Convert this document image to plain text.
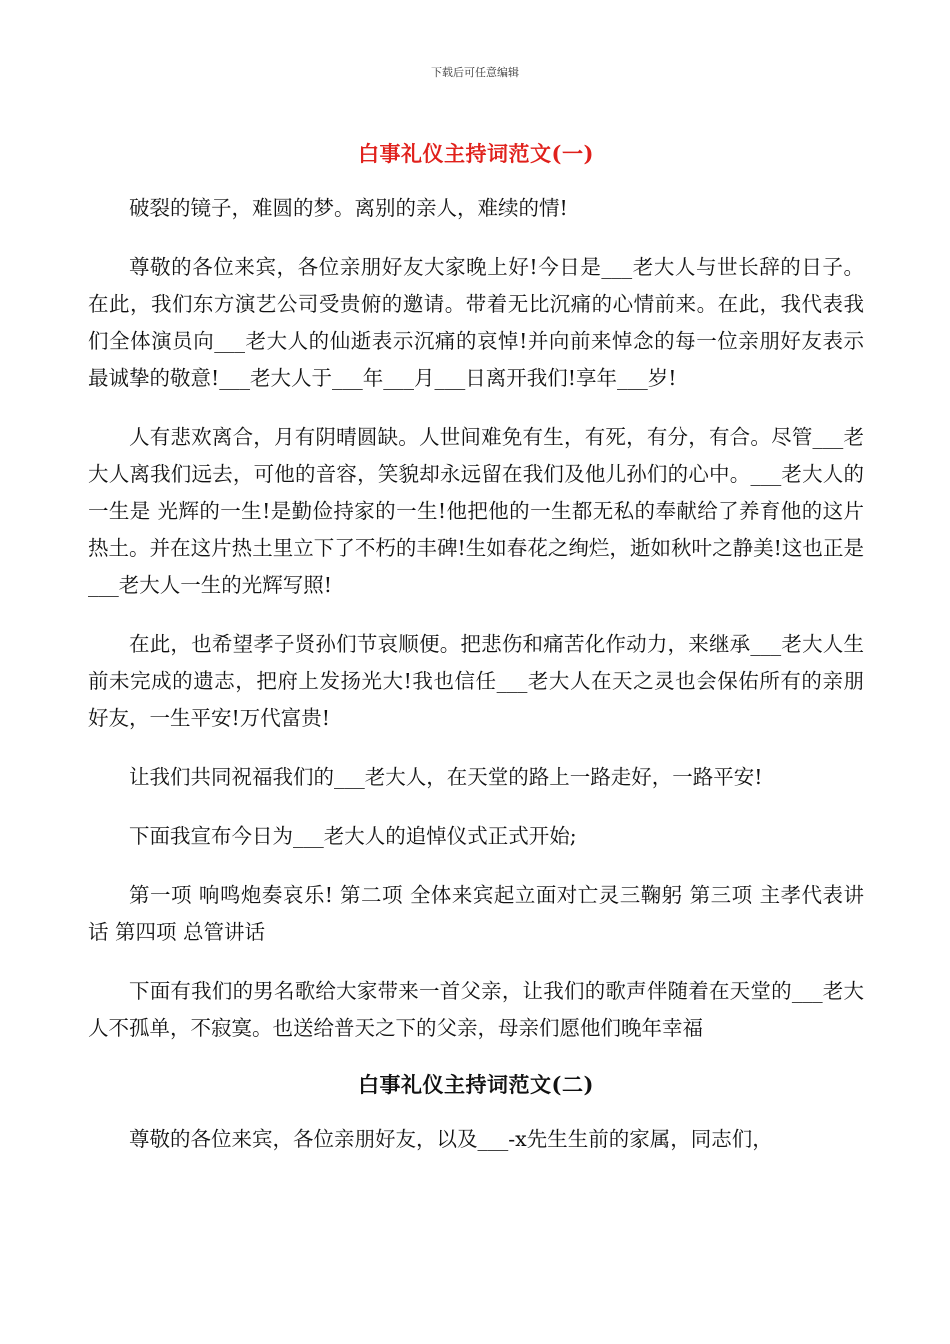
下载后可任意编辑
白事礼仪主持词范文(一)

破裂的镜子，难圆的梦。离别的亲人，难续的情!

尊敬的各位来宾，各位亲朋好友大家晚上好!今日是___老大人与世长辞的日子。在此，我们东方演艺公司受贵俯的邀请。带着无比沉痛的心情前来。在此，我代表我们全体演员向___老大人的仙逝表示沉痛的哀悼!并向前来悼念的每一位亲朋好友表示最诚挚的敬意!___老大人于___年___月___日离开我们!享年___岁!

人有悲欢离合，月有阴晴圆缺。人世间难免有生，有死，有分，有合。尽管___老大人离我们远去，可他的音容，笑貌却永远留在我们及他儿孙们的心中。___老大人的一生是 光辉的一生!是勤俭持家的一生!他把他的一生都无私的奉献给了养育他的这片热土。并在这片热土里立下了不朽的丰碑!生如春花之绚烂，逝如秋叶之静美!这也正是___老大人一生的光辉写照!

在此，也希望孝子贤孙们节哀顺便。把悲伤和痛苦化作动力，来继承___老大人生前未完成的遗志，把府上发扬光大!我也信任___老大人在天之灵也会保佑所有的亲朋好友，一生平安!万代富贵!

让我们共同祝福我们的___老大人，在天堂的路上一路走好，一路平安!

下面我宣布今日为___老大人的追悼仪式正式开始;

第一项 响鸣炮奏哀乐! 第二项 全体来宾起立面对亡灵三鞠躬 第三项 主孝代表讲话 第四项 总管讲话

下面有我们的男名歌给大家带来一首父亲，让我们的歌声伴随着在天堂的___老大人不孤单，不寂寞。也送给普天之下的父亲，母亲们愿他们晚年幸福

白事礼仪主持词范文(二)

尊敬的各位来宾，各位亲朋好友，以及___-x先生生前的家属，同志们，
